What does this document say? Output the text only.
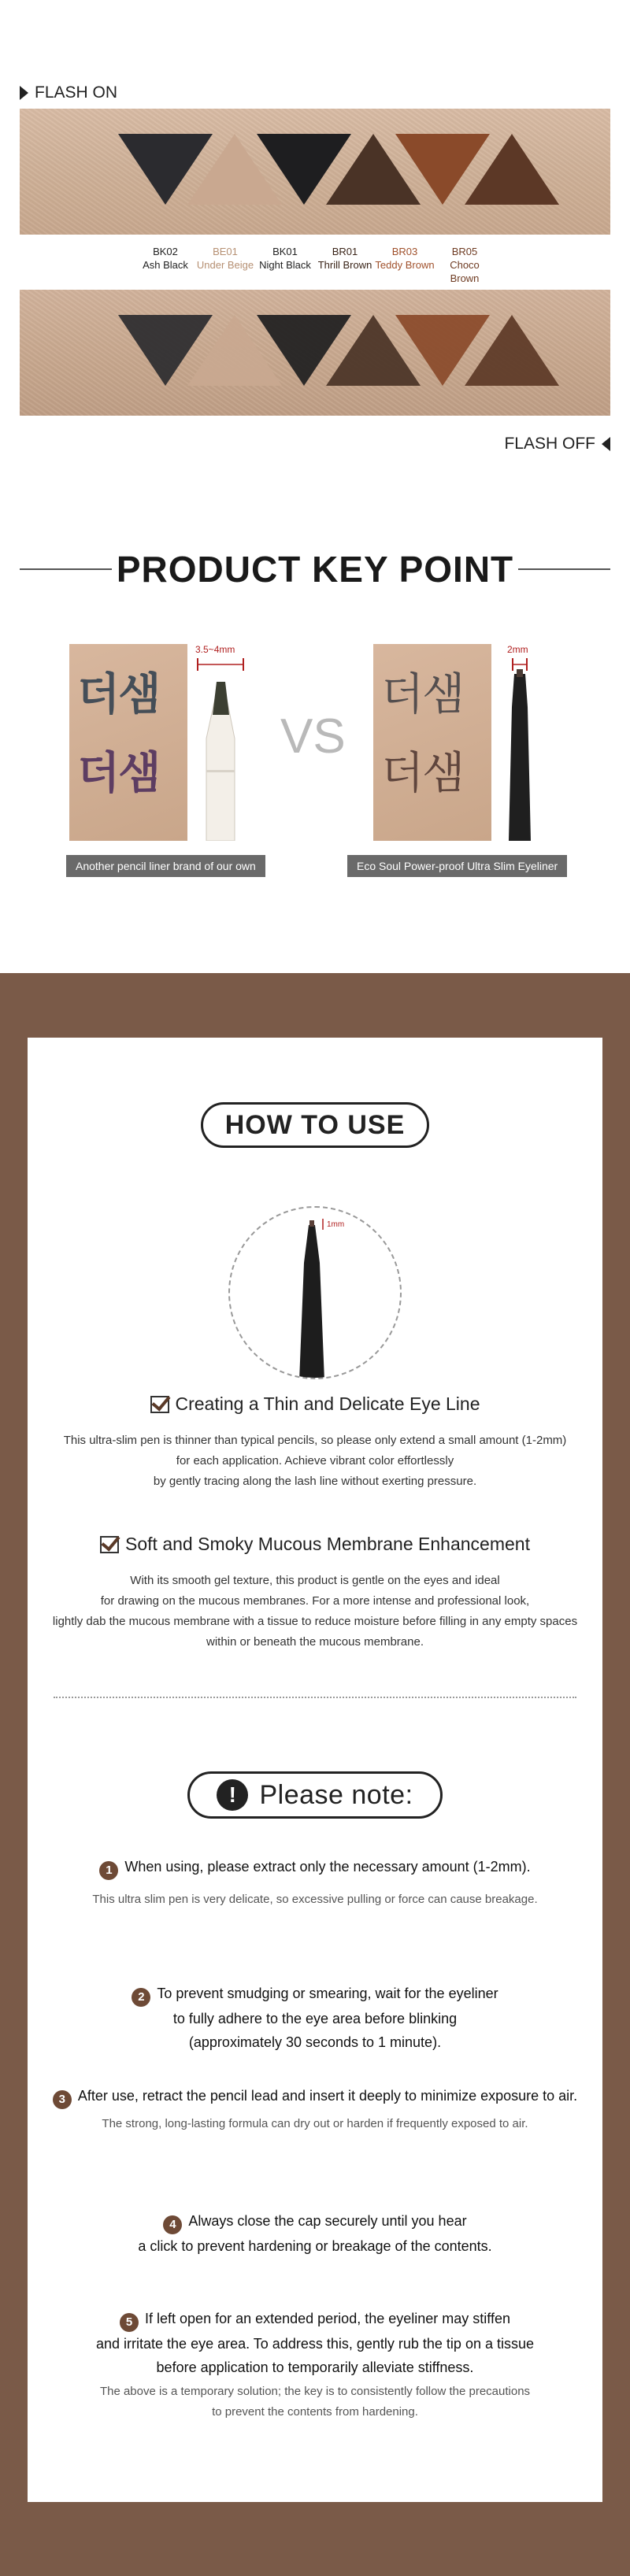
FLASH ON
BK02
Ash Black
BE01
Under Beige
BK01
Night Black
BR01
Thrill Brown
BR03
Teddy Brown
BR05
Choco Brown
FLASH OFF
PRODUCT KEY POINT
더샘
더샘
3.5~4mm
VS
더샘
더샘
2mm
Another pencil liner brand of our own	Eco Soul Power-proof Ultra Slim Eyeliner
HOW TO USE
1mm
Creating a Thin and Delicate Eye Line
This ultra-slim pen is thinner than typical pencils, so please only extend a small amount (1-2mm)
for each application. Achieve vibrant color effortlessly
by gently tracing along the lash line without exerting pressure.
Soft and Smoky Mucous Membrane Enhancement
With its smooth gel texture, this product is gentle on the eyes and ideal
for drawing on the mucous membranes. For a more intense and professional look,
lightly dab the mucous membrane with a tissue to reduce moisture before filling in any empty spaces
within or beneath the mucous membrane.
! Please note:
1 When using, please extract only the necessary amount (1-2mm).
This ultra slim pen is very delicate, so excessive pulling or force can cause breakage.
2 To prevent smudging or smearing, wait for the eyeliner
to fully adhere to the eye area before blinking
(approximately 30 seconds to 1 minute).
3 After use, retract the pencil lead and insert it deeply to minimize exposure to air.
The strong, long-lasting formula can dry out or harden if frequently exposed to air.
4 Always close the cap securely until you hear
a click to prevent hardening or breakage of the contents.
5 If left open for an extended period, the eyeliner may stiffen
and irritate the eye area. To address this, gently rub the tip on a tissue
before application to temporarily alleviate stiffness.
The above is a temporary solution; the key is to consistently follow the precautions
to prevent the contents from hardening.
